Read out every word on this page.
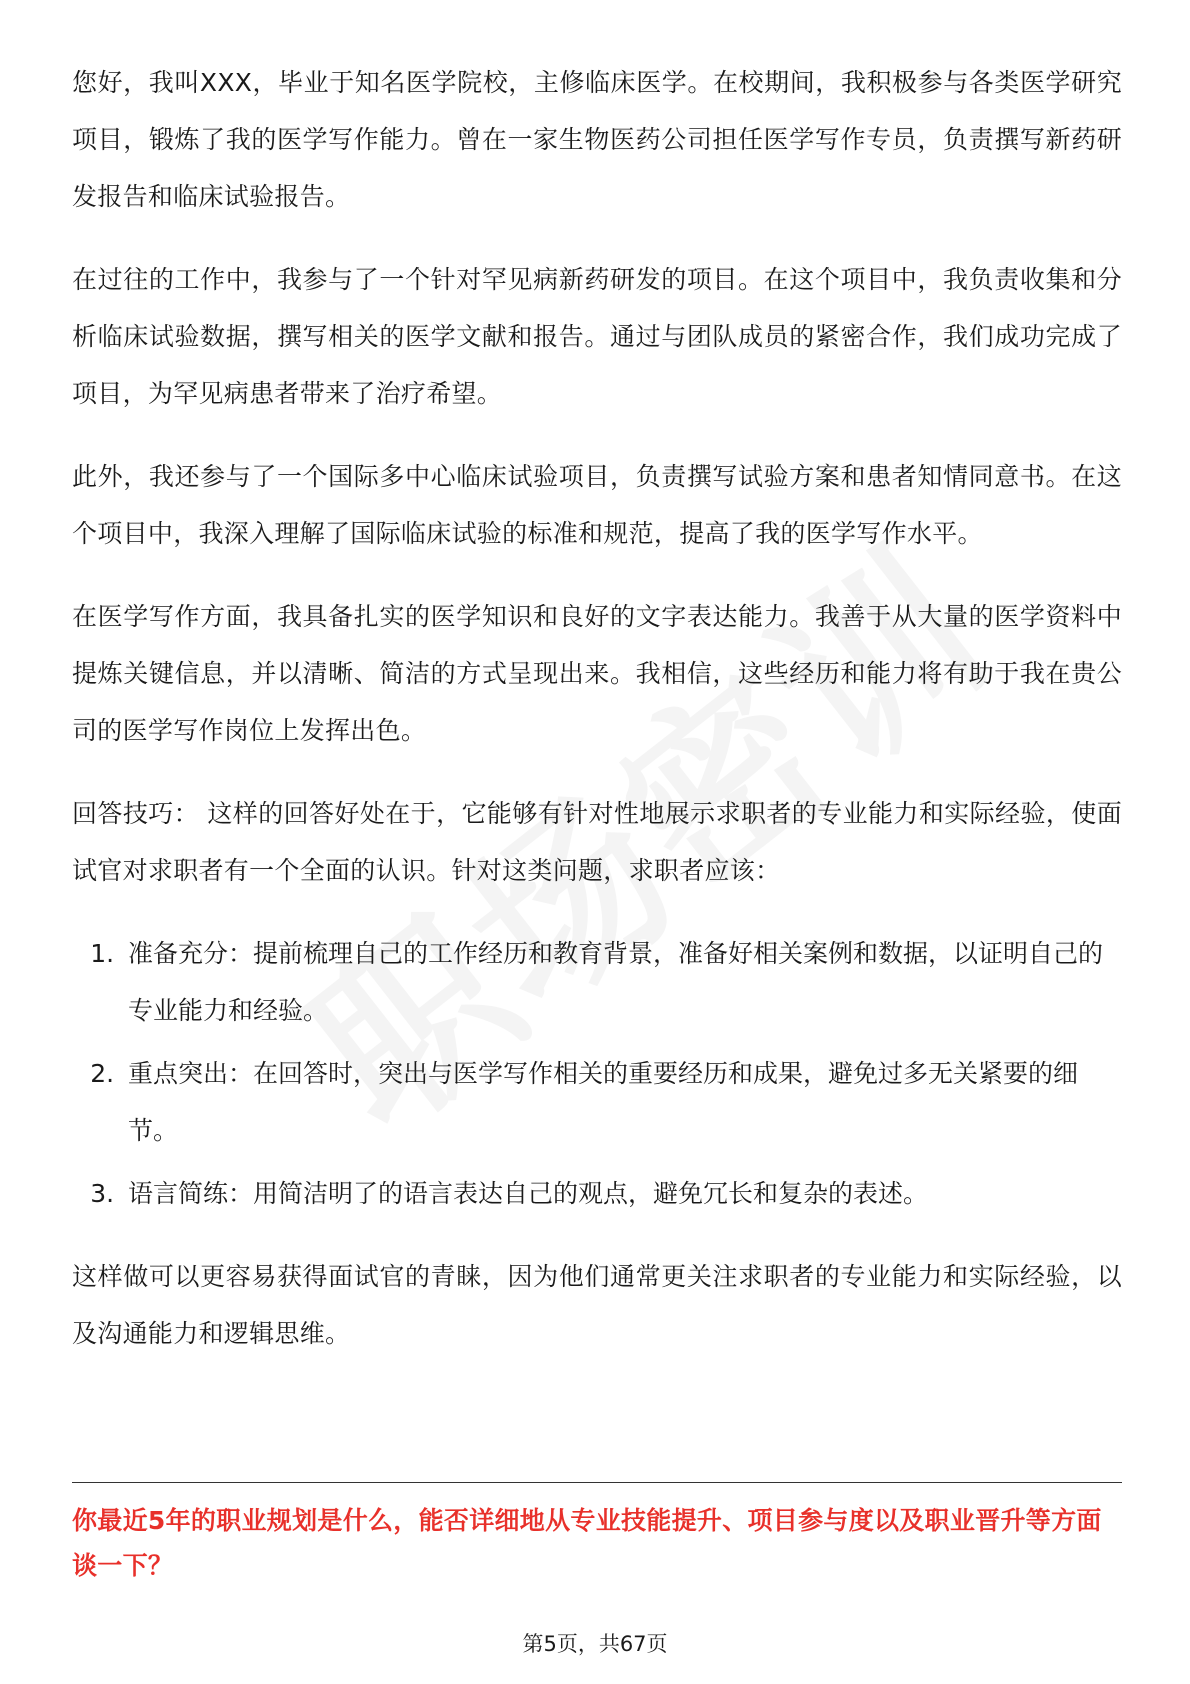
您好，我叫XXX，毕业于知名医学院校，主修临床医学。在校期间，我积极参与各类医学研究项目，锻炼了我的医学写作能力。曾在一家生物医药公司担任医学写作专员，负责撰写新药研发报告和临床试验报告。

在过往的工作中，我参与了一个针对罕见病新药研发的项目。在这个项目中，我负责收集和分析临床试验数据，撰写相关的医学文献和报告。通过与团队成员的紧密合作，我们成功完成了项目，为罕见病患者带来了治疗希望。

此外，我还参与了一个国际多中心临床试验项目，负责撰写试验方案和患者知情同意书。在这个项目中，我深入理解了国际临床试验的标准和规范，提高了我的医学写作水平。

在医学写作方面，我具备扎实的医学知识和良好的文字表达能力。我善于从大量的医学资料中提炼关键信息，并以清晰、简洁的方式呈现出来。我相信，这些经历和能力将有助于我在贵公司的医学写作岗位上发挥出色。

回答技巧： 这样的回答好处在于，它能够有针对性地展示求职者的专业能力和实际经验，使面试官对求职者有一个全面的认识。针对这类问题，求职者应该：

1. 准备充分：提前梳理自己的工作经历和教育背景，准备好相关案例和数据，以证明自己的专业能力和经验。
2. 重点突出：在回答时，突出与医学写作相关的重要经历和成果，避免过多无关紧要的细节。
3. 语言简练：用简洁明了的语言表达自己的观点，避免冗长和复杂的表述。

这样做可以更容易获得面试官的青睐，因为他们通常更关注求职者的专业能力和实际经验，以及沟通能力和逻辑思维。

你最近5年的职业规划是什么，能否详细地从专业技能提升、项目参与度以及职业晋升等方面谈一下？

第5页，共67页
